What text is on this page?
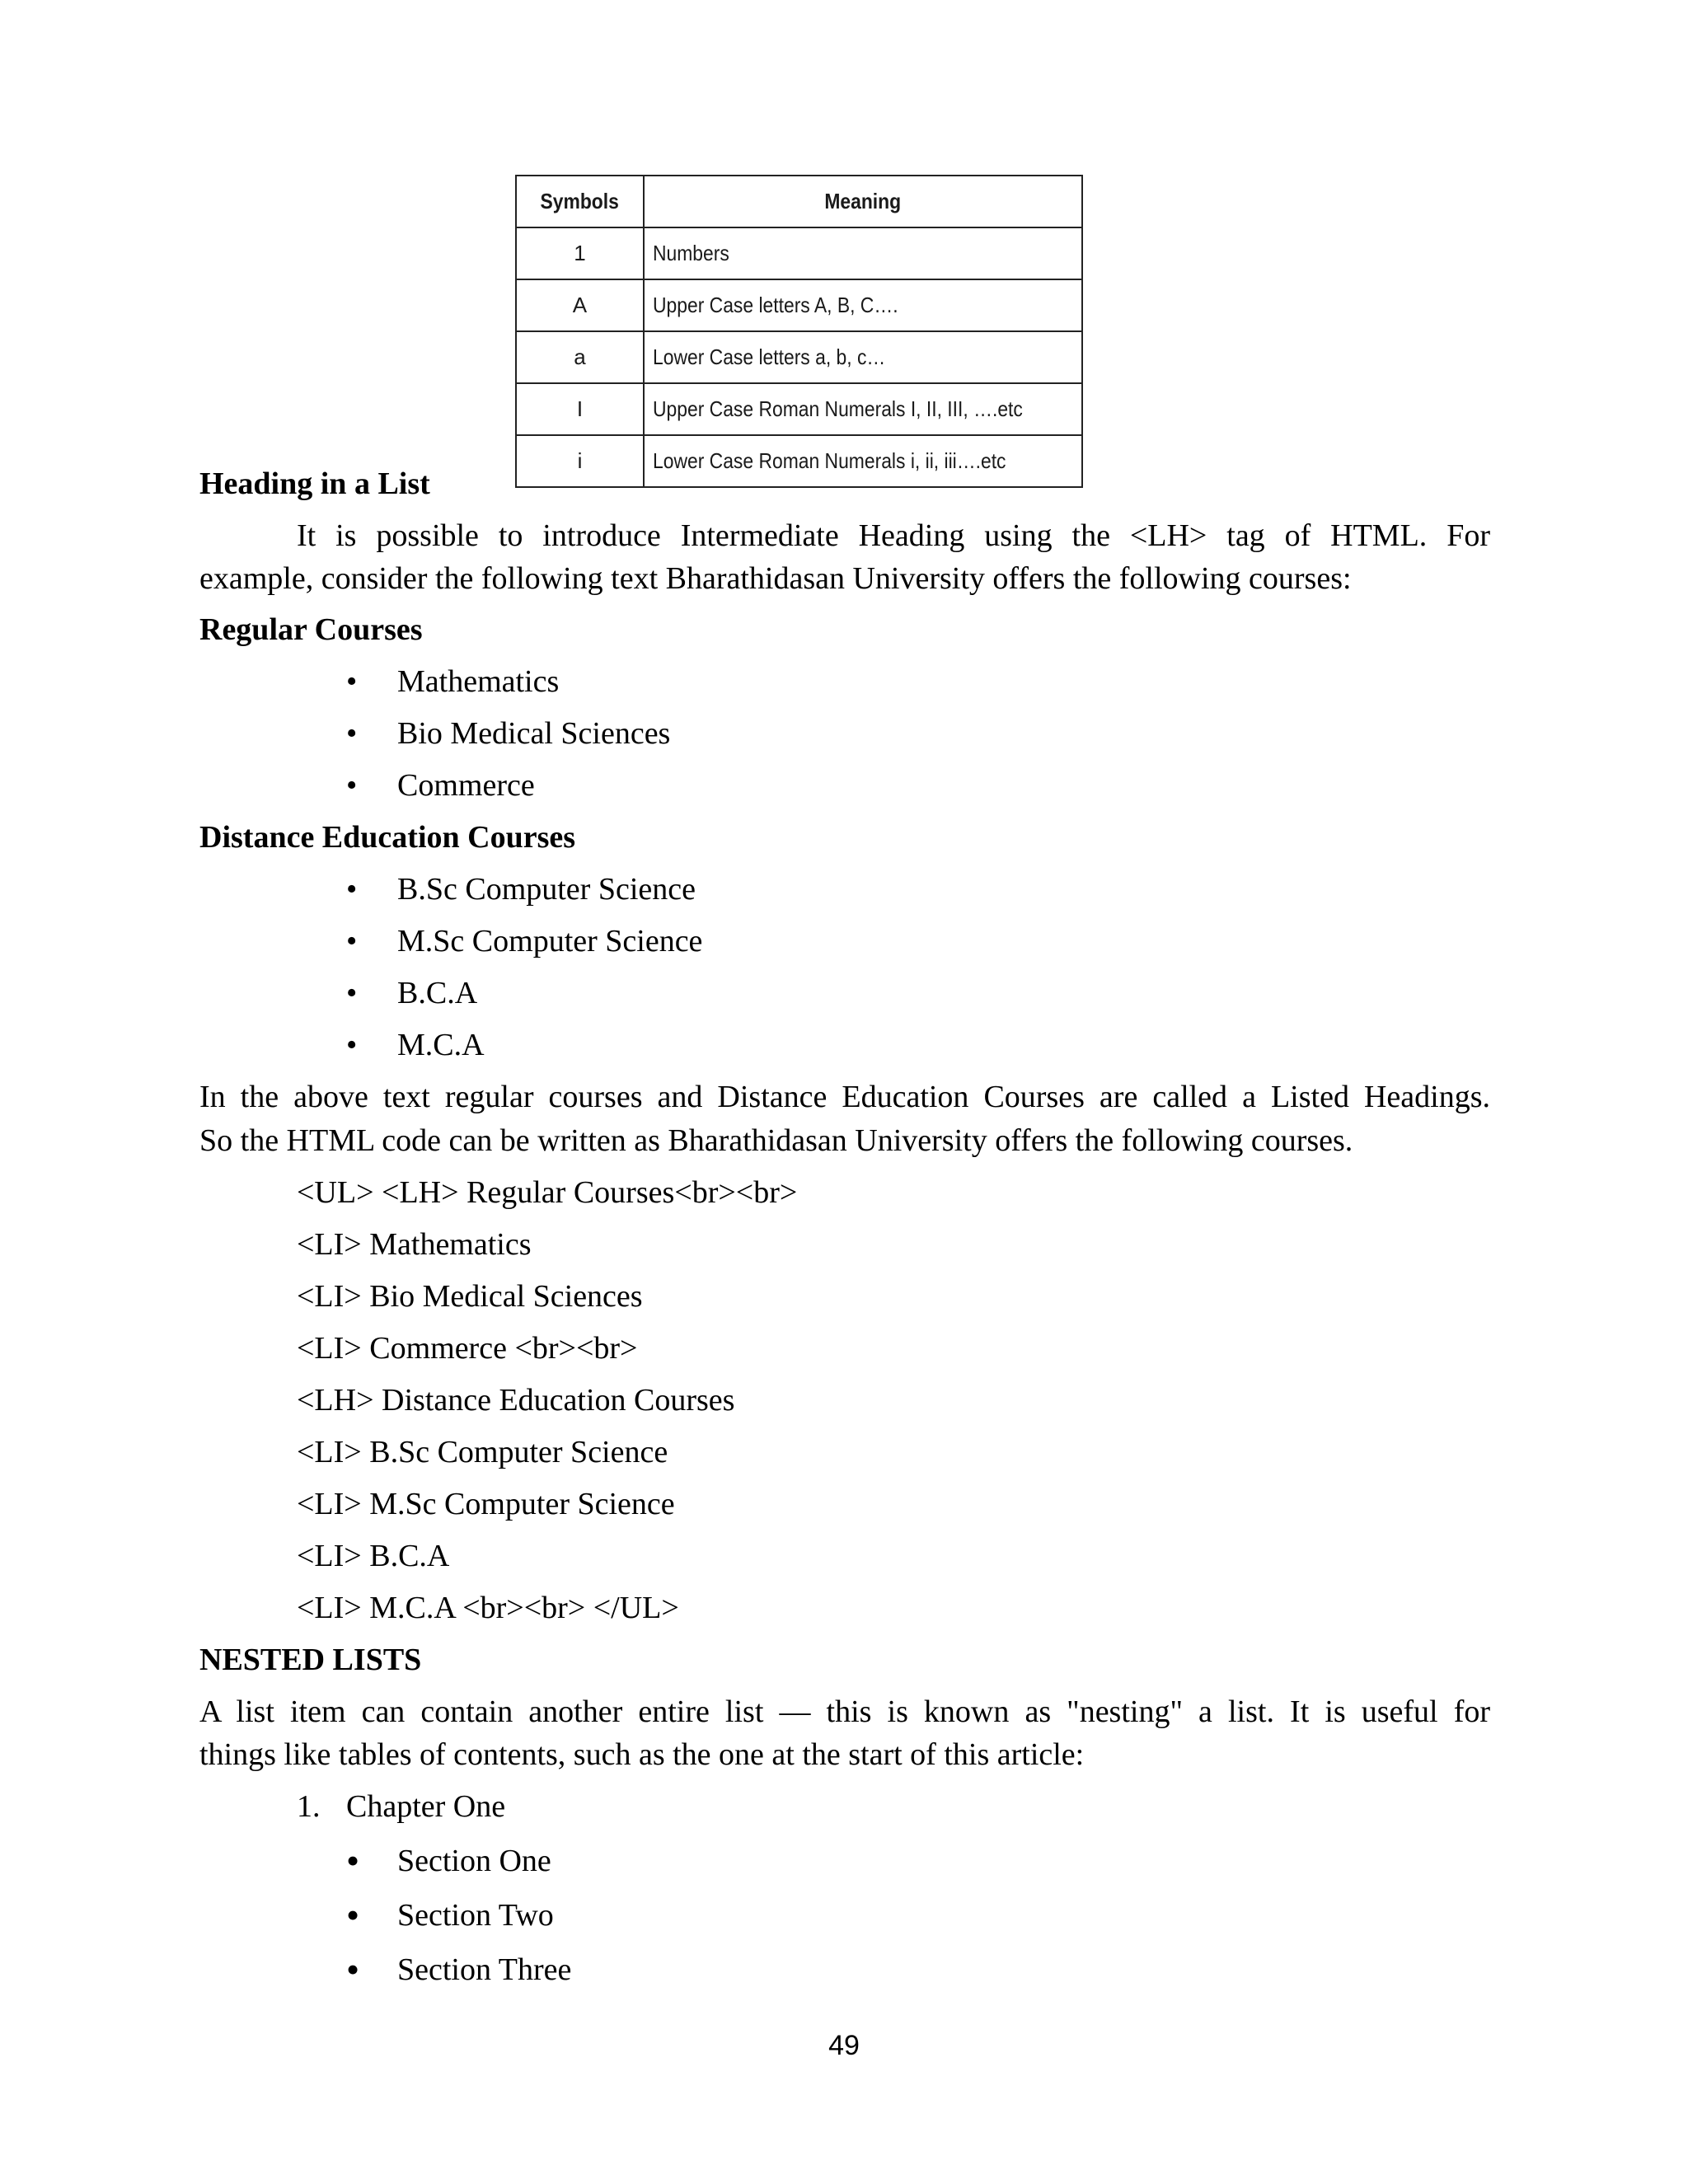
Symbols	Meaning
1	Numbers
A	Upper Case letters A, B, C….
a	Lower Case letters a, b, c…
I	Upper Case Roman Numerals I, II, III, ….etc
i	Lower Case Roman Numerals i, ii, iii….etc
Heading in a List
It is possible to introduce Intermediate Heading using the <LH> tag of HTML. For
example, consider the following text Bharathidasan University offers the following courses:
Regular Courses
• Mathematics
• Bio Medical Sciences
• Commerce
Distance Education Courses
• B.Sc Computer Science
• M.Sc Computer Science
• B.C.A
• M.C.A
In the above text regular courses and Distance Education Courses are called a Listed Headings.
So the HTML code can be written as Bharathidasan University offers the following courses.
<UL> <LH> Regular Courses<br><br>
<LI> Mathematics
<LI> Bio Medical Sciences
<LI> Commerce <br><br>
<LH> Distance Education Courses
<LI> B.Sc Computer Science
<LI> M.Sc Computer Science
<LI> B.C.A
<LI> M.C.A <br><br> </UL>
NESTED LISTS
A list item can contain another entire list — this is known as "nesting" a list. It is useful for
things like tables of contents, such as the one at the start of this article:
1. Chapter One
• Section One
• Section Two
• Section Three
49
